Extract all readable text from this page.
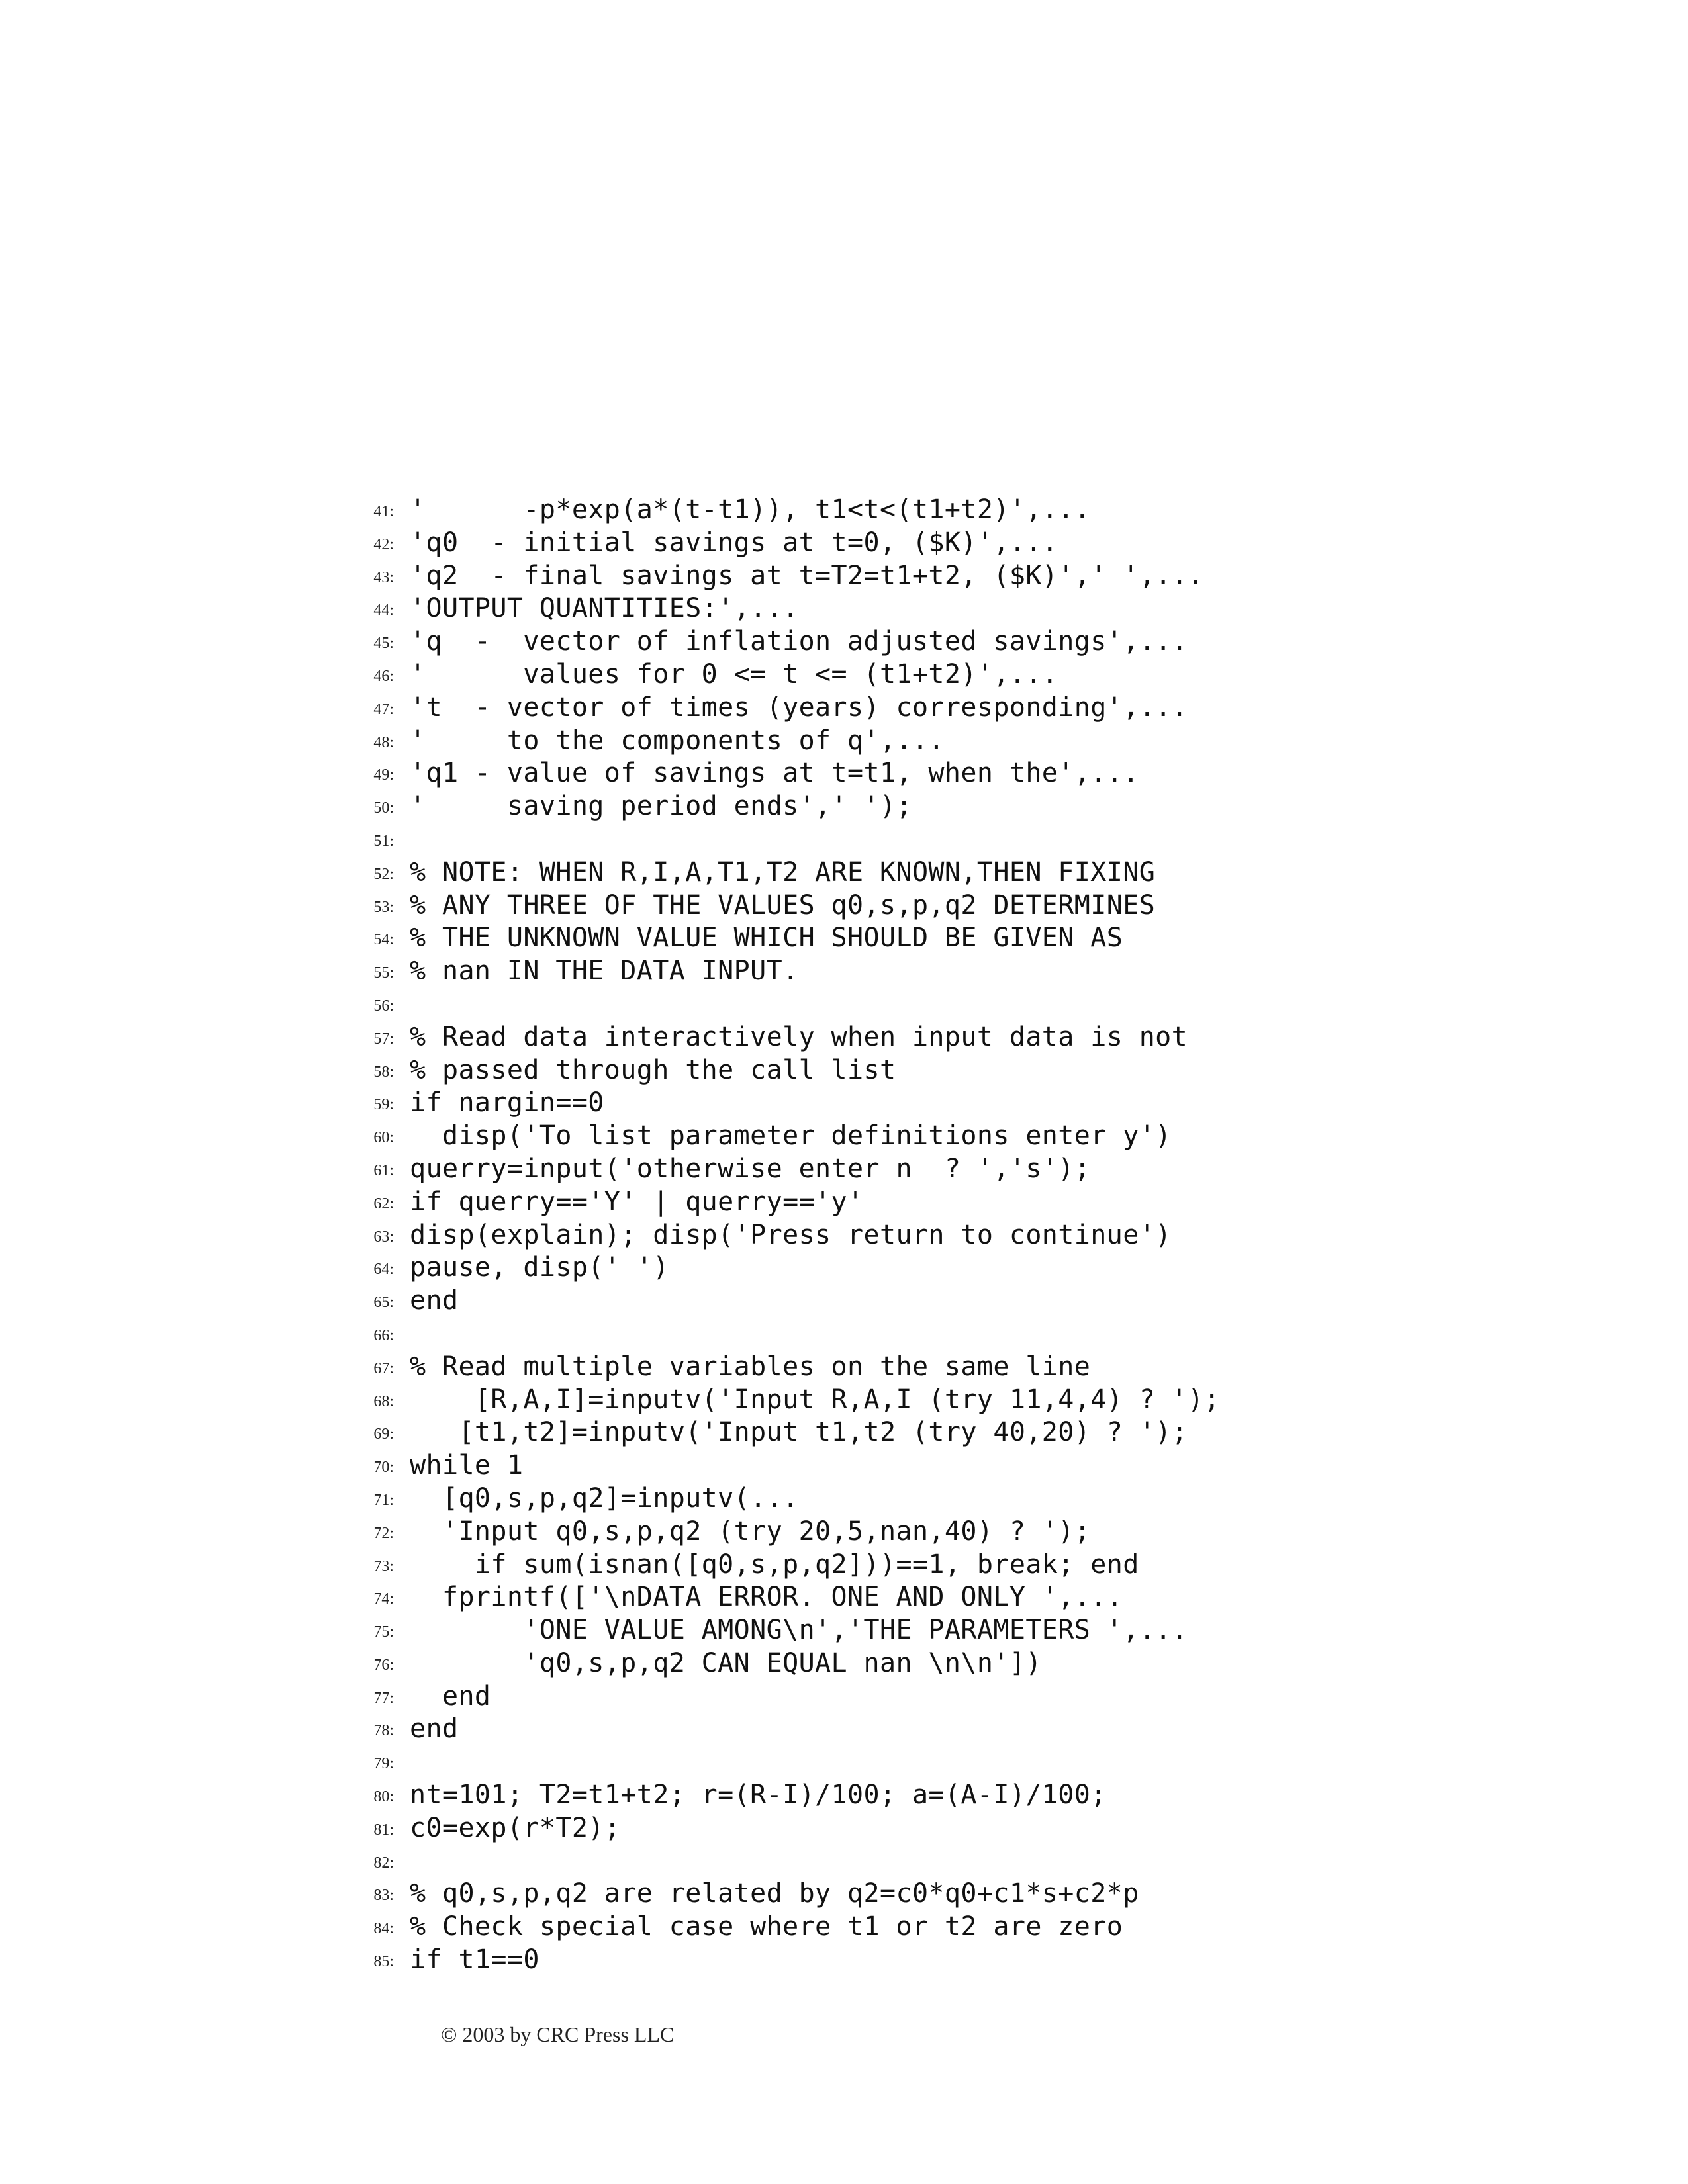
41: '      -p*exp(a*(t-t1)), t1<t<(t1+t2)',...
42: 'q0  - initial savings at t=0, ($K)',...
43: 'q2  - final savings at t=T2=t1+t2, ($K)',' ',...
44: 'OUTPUT QUANTITIES:',...
45: 'q  -  vector of inflation adjusted savings',...
46: '      values for 0 <= t <= (t1+t2)',...
47: 't  - vector of times (years) corresponding',...
48: '     to the components of q',...
49: 'q1 - value of savings at t=t1, when the',...
50: '     saving period ends',' ');
51:
52: % NOTE: WHEN R,I,A,T1,T2 ARE KNOWN,THEN FIXING
53: % ANY THREE OF THE VALUES q0,s,p,q2 DETERMINES
54: % THE UNKNOWN VALUE WHICH SHOULD BE GIVEN AS
55: % nan IN THE DATA INPUT.
56:
57: % Read data interactively when input data is not
58: % passed through the call list
59: if nargin==0
60: disp('To list parameter definitions enter y')
61: querry=input('otherwise enter n  ? ','s');
62: if querry=='Y' | querry=='y'
63: disp(explain); disp('Press return to continue')
64: pause, disp(' ')
65: end
66:
67: % Read multiple variables on the same line
68: [R,A,I]=inputv('Input R,A,I (try 11,4,4) ? ');
69: [t1,t2]=inputv('Input t1,t2 (try 40,20) ? ');
70: while 1
71: [q0,s,p,q2]=inputv(...
72: 'Input q0,s,p,q2 (try 20,5,nan,40) ? ');
73: if sum(isnan([q0,s,p,q2]))==1, break; end
74: fprintf(['\nDATA ERROR. ONE AND ONLY ',...
75: 'ONE VALUE AMONG\n','THE PARAMETERS ',...
76: 'q0,s,p,q2 CAN EQUAL nan \n\n'])
77: end
78: end
79:
80: nt=101; T2=t1+t2; r=(R-I)/100; a=(A-I)/100;
81: c0=exp(r*T2);
82:
83: % q0,s,p,q2 are related by q2=c0*q0+c1*s+c2*p
84: % Check special case where t1 or t2 are zero
85: if t1==0
© 2003 by CRC Press LLC
